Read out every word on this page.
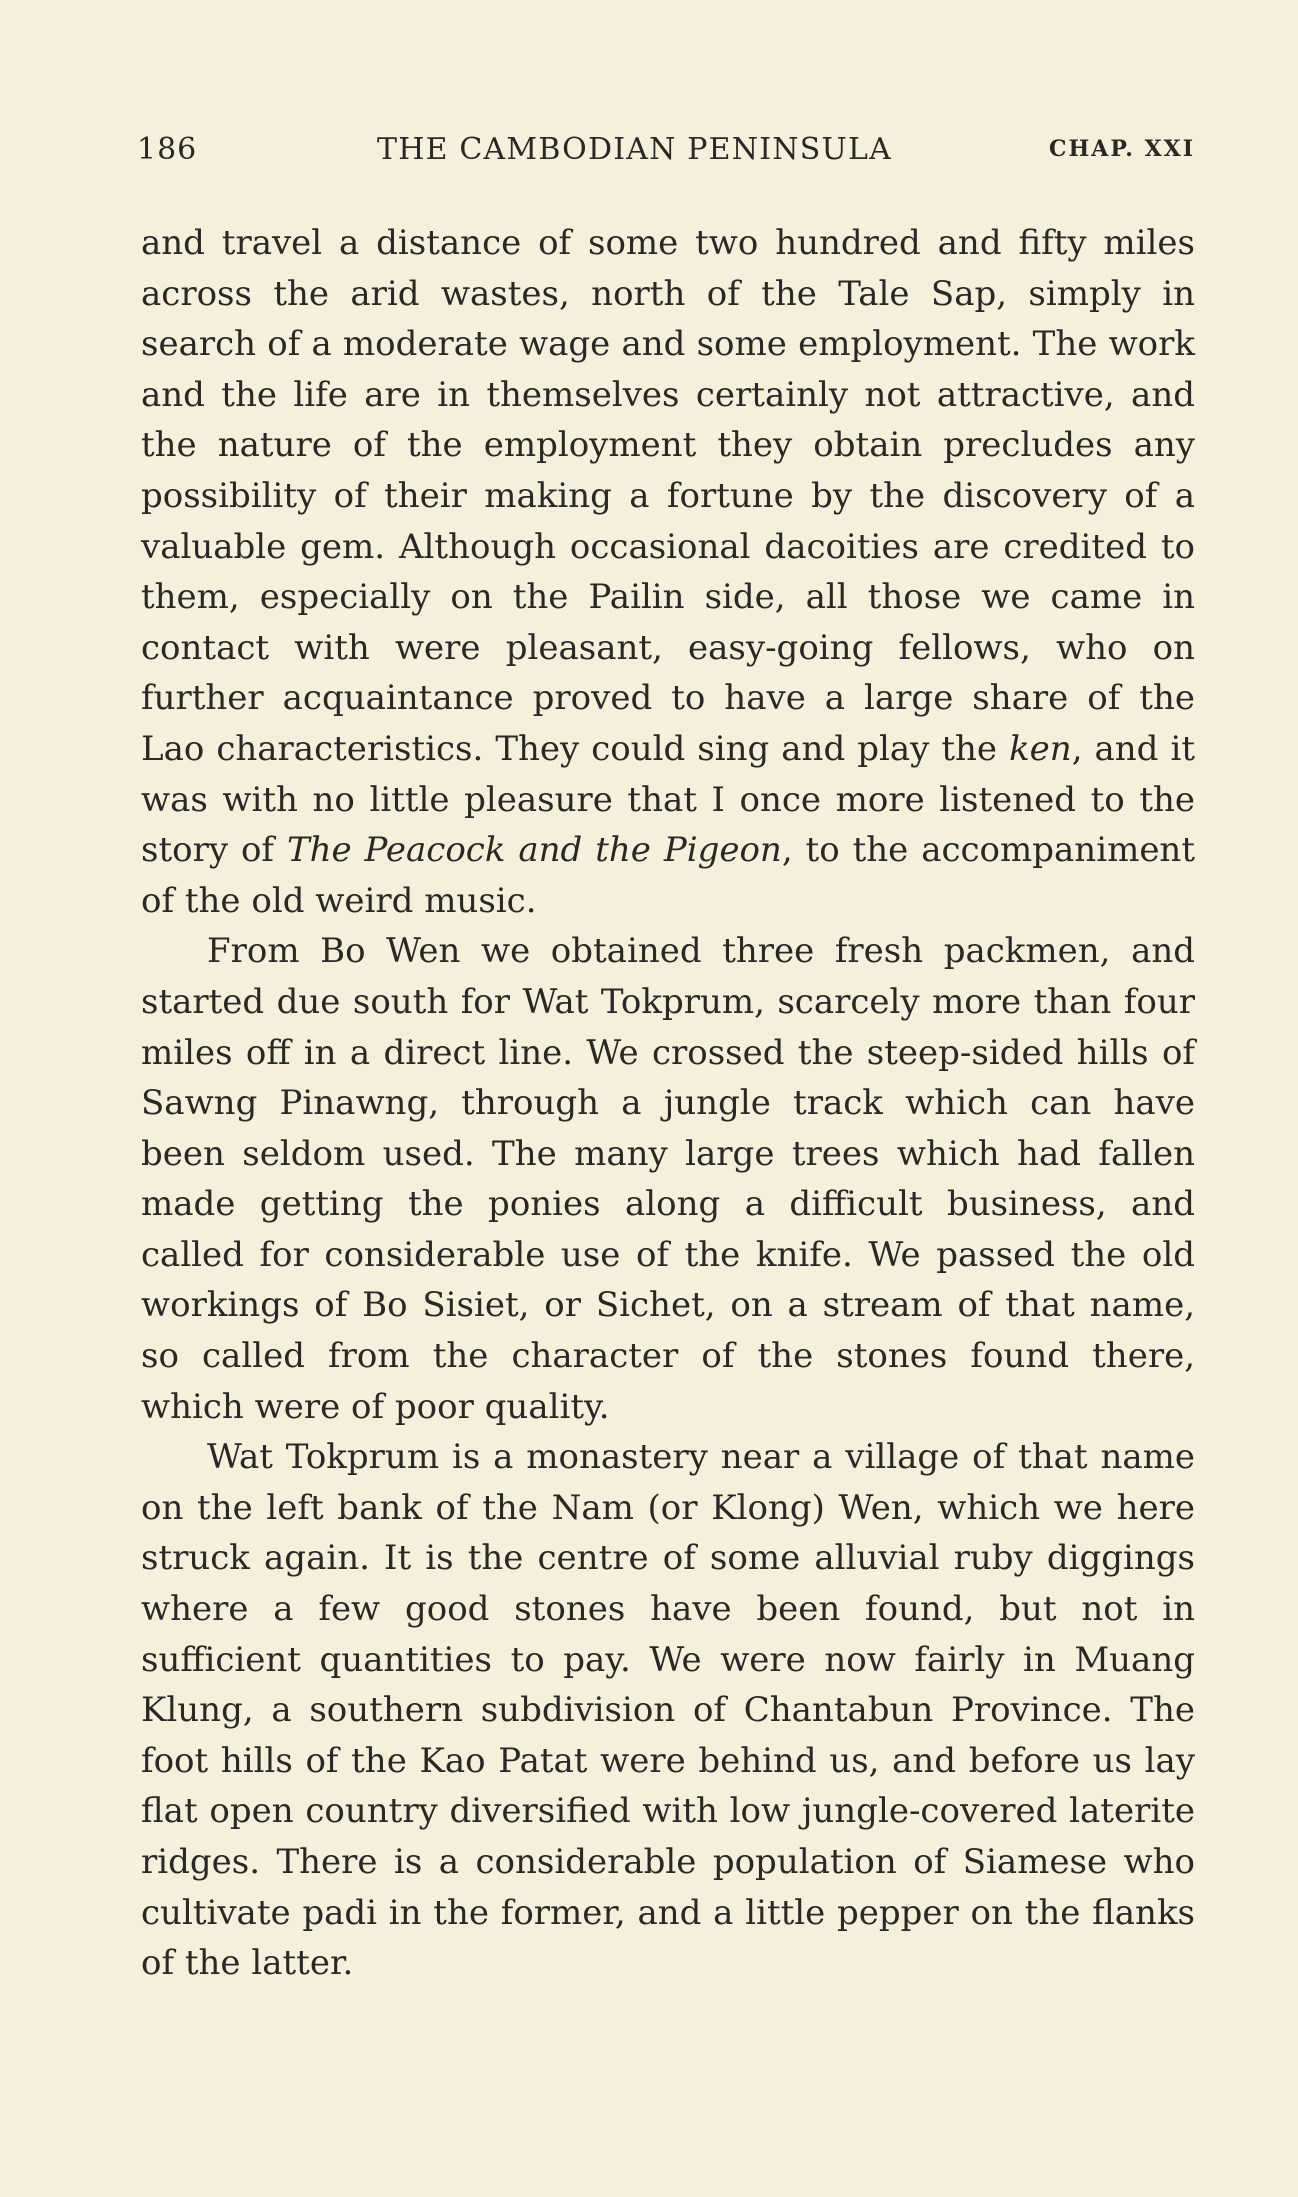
186	THE CAMBODIAN PENINSULA	CHAP. XXI

and travel a distance of some two hundred and fifty miles across the arid wastes, north of the Tale Sap, simply in search of a moderate wage and some employment. The work and the life are in themselves certainly not attractive, and the nature of the employment they obtain precludes any possibility of their making a fortune by the discovery of a valuable gem. Although occasional dacoities are credited to them, especially on the Pailin side, all those we came in contact with were pleasant, easy-going fellows, who on further acquaintance proved to have a large share of the Lao characteristics. They could sing and play the ken, and it was with no little pleasure that I once more listened to the story of The Peacock and the Pigeon, to the accompaniment of the old weird music.

From Bo Wen we obtained three fresh packmen, and started due south for Wat Tokprum, scarcely more than four miles off in a direct line. We crossed the steep-sided hills of Sawng Pinawng, through a jungle track which can have been seldom used. The many large trees which had fallen made getting the ponies along a difficult business, and called for considerable use of the knife. We passed the old workings of Bo Sisiet, or Sichet, on a stream of that name, so called from the character of the stones found there, which were of poor quality.

Wat Tokprum is a monastery near a village of that name on the left bank of the Nam (or Klong) Wen, which we here struck again. It is the centre of some alluvial ruby diggings where a few good stones have been found, but not in sufficient quantities to pay. We were now fairly in Muang Klung, a southern subdivision of Chantabun Province. The foot hills of the Kao Patat were behind us, and before us lay flat open country diversified with low jungle-covered laterite ridges. There is a considerable population of Siamese who cultivate padi in the former, and a little pepper on the flanks of the latter.
